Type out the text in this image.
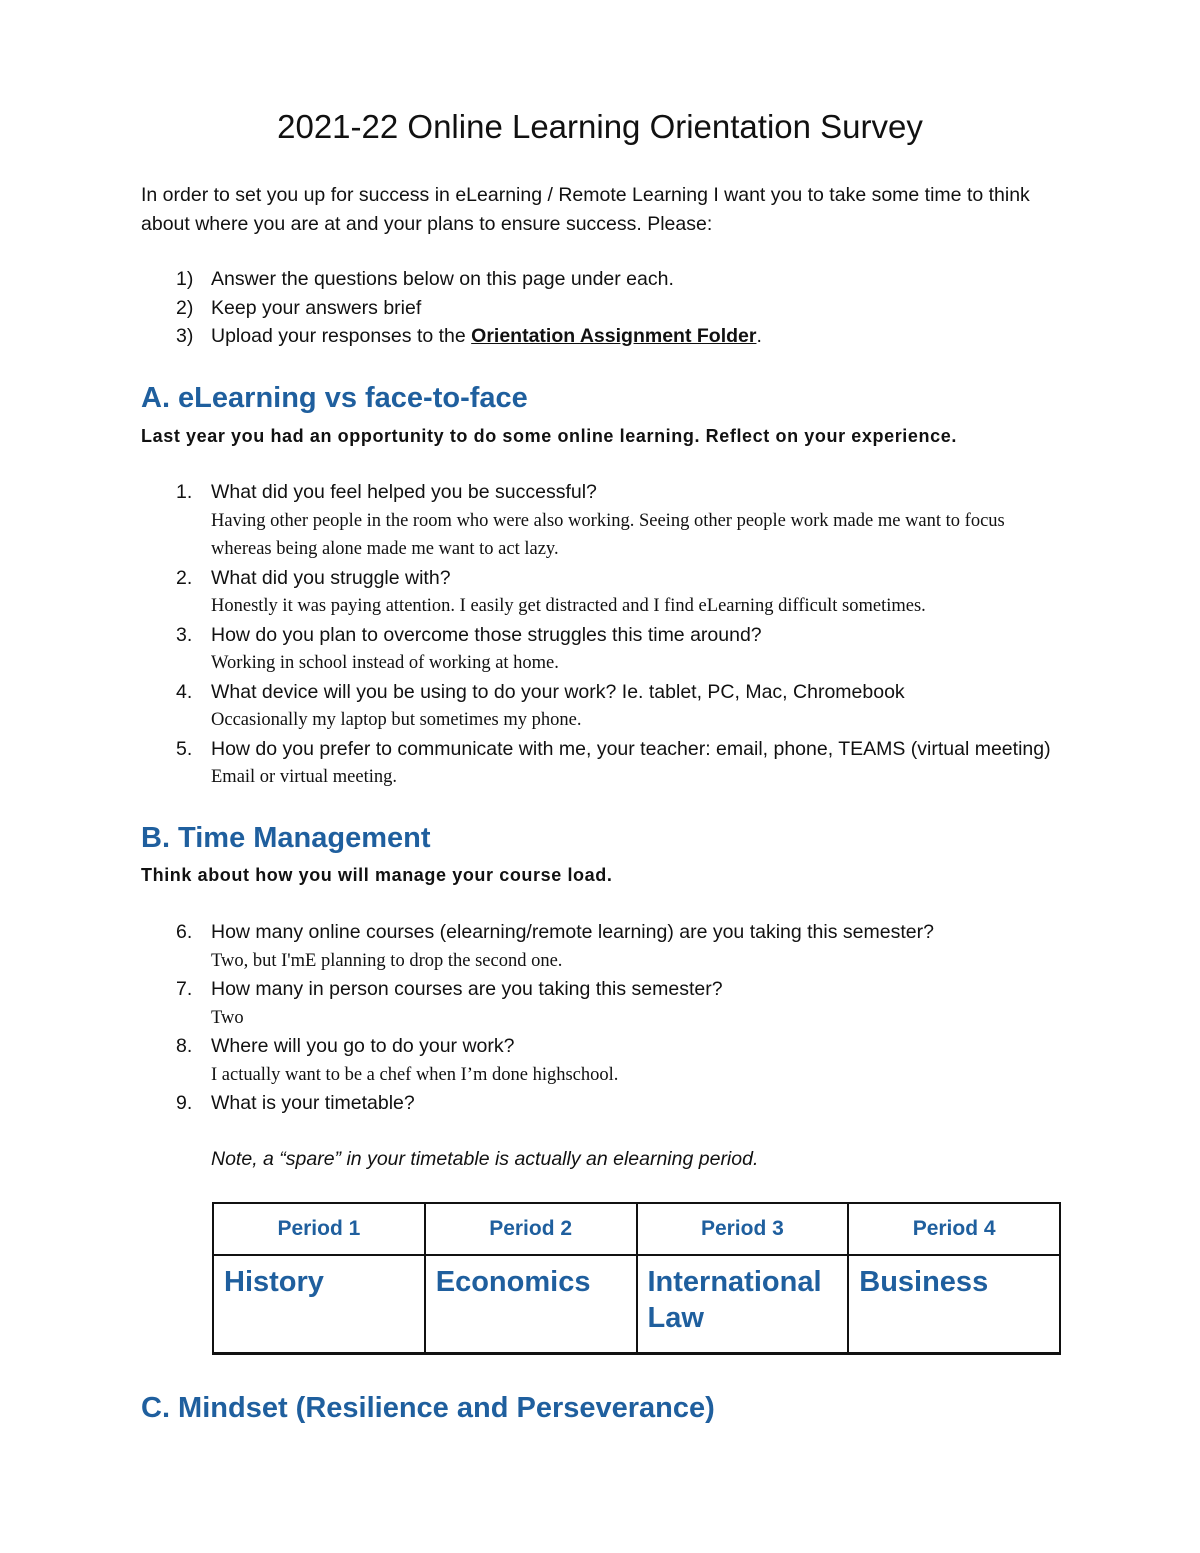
2021-22 Online Learning Orientation Survey
In order to set you up for success in eLearning / Remote Learning I want you to take some time to think about where you are at and your plans to ensure success. Please:
1) Answer the questions below on this page under each.
2) Keep your answers brief
3) Upload your responses to the Orientation Assignment Folder.
A. eLearning vs face-to-face
Last year you had an opportunity to do some online learning. Reflect on your experience.
1. What did you feel helped you be successful?
Having other people in the room who were also working. Seeing other people work made me want to focus whereas being alone made me want to act lazy.
2. What did you struggle with?
Honestly it was paying attention. I easily get distracted and I find eLearning difficult sometimes.
3. How do you plan to overcome those struggles this time around?
Working in school instead of working at home.
4. What device will you be using to do your work? Ie. tablet, PC, Mac, Chromebook
Occasionally my laptop but sometimes my phone.
5. How do you prefer to communicate with me, your teacher: email, phone, TEAMS (virtual meeting)
Email or virtual meeting.
B. Time Management
Think about how you will manage your course load.
6. How many online courses (elearning/remote learning) are you taking this semester?
Two, but I'mE planning to drop the second one.
7. How many in person courses are you taking this semester?
Two
8. Where will you go to do your work?
I actually want to be a chef when I’m done highschool.
9. What is your timetable?
Note, a “spare” in your timetable is actually an elearning period.
Period 1	Period 2	Period 3	Period 4
History	Economics	International Law	Business
C. Mindset (Resilience and Perseverance)
